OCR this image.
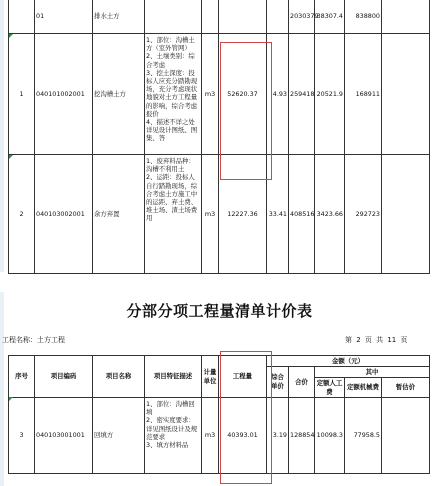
	01	排水土方					2030379	38307.4	838800	
1	040101002001	挖沟槽土方	1、部位：沟槽土方（室外管网）
2、土壤类别：综合考虑
3、挖土深度：投标人应充分踏勘现场，充分考虑现状地貌对土方工程量的影响，综合考虑报价
4、描述不详之处详见设计图纸、图集、答	m3	52620.37	4.93	259418	20521.9	168911	
2	040103002001	余方弃置	1、废弃料品种：沟槽不利用土
2、运距：投标人自行踏勘现场，综合考虑土方施工中的运距、弃土费、堆土场、渣土场费用	m3	12227.36	33.41	408516	3423.66	292723	
分部分项工程量清单计价表
工程名称：土方工程	第 2 页 共 11 页
序号	项目编码	项目名称	项目特征描述	计量单位	工程量	金额（元）				
						综合单价	合价	其中		
								定额人工费	定额机械费	暂估价
3	040103001001	回填方	1、部位：沟槽回填
2、密实度要求：详见图纸设计及规范要求
3、填方材料品	m3	40393.01	3.19	128854	10098.3	77958.5	
